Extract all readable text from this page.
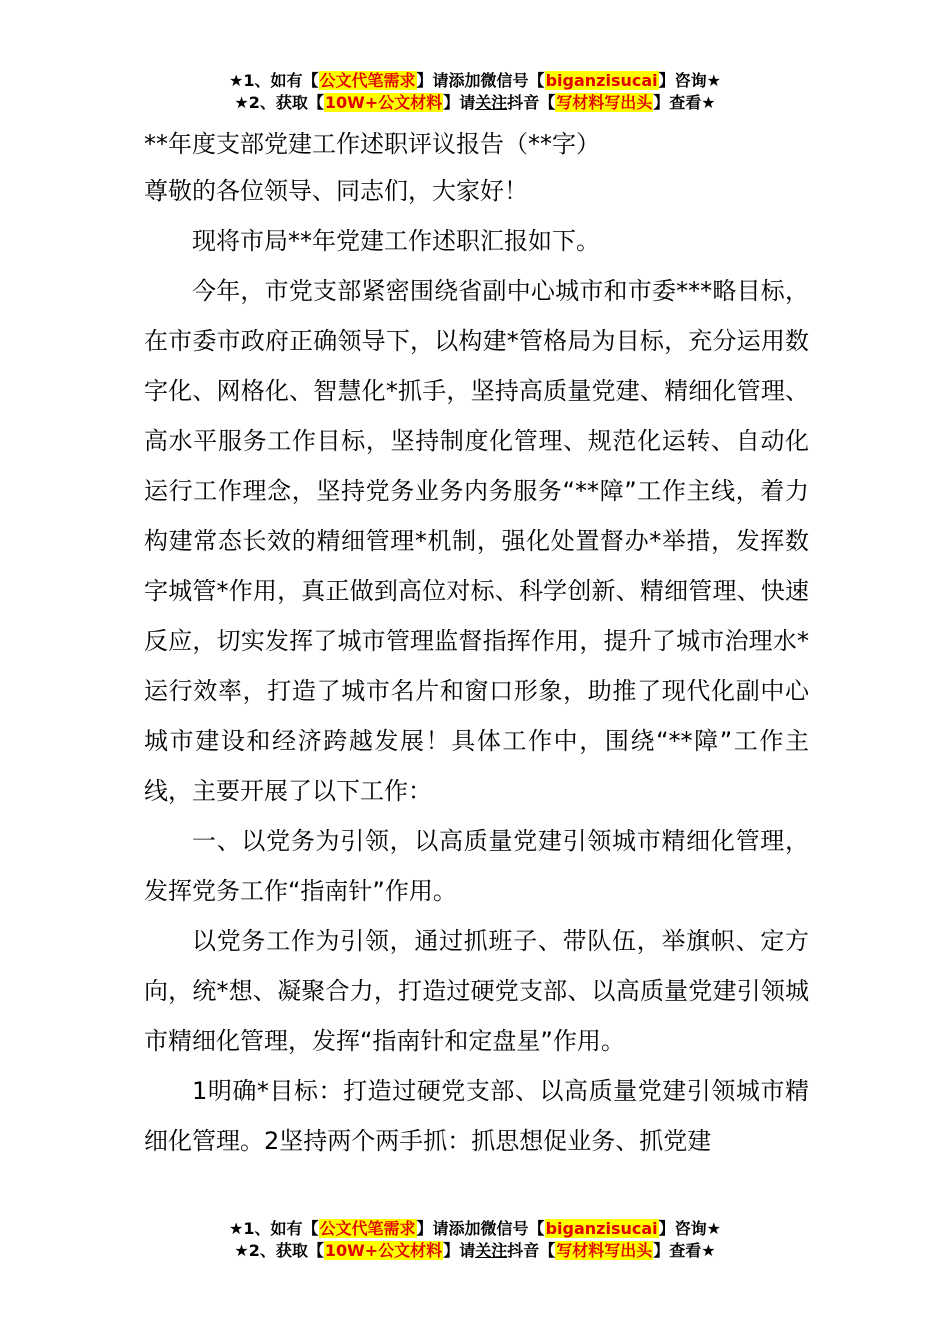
★1、如有【公文代笔需求】请添加微信号【biganzisucai】咨询★
★2、获取【10W+公文材料】请关注抖音【写材料写出头】查看★

**年度支部党建工作述职评议报告（**字）

尊敬的各位领导、同志们，大家好！

现将市局**年党建工作述职汇报如下。

今年，市党支部紧密围绕省副中心城市和市委***略目标，在市委市政府正确领导下，以构建*管格局为目标，充分运用数字化、网格化、智慧化*抓手，坚持高质量党建、精细化管理、高水平服务工作目标，坚持制度化管理、规范化运转、自动化运行工作理念，坚持党务业务内务服务“**障”工作主线，着力构建常态长效的精细管理*机制，强化处置督办*举措，发挥数字城管*作用，真正做到高位对标、科学创新、精细管理、快速反应，切实发挥了城市管理监督指挥作用，提升了城市治理水*运行效率，打造了城市名片和窗口形象，助推了现代化副中心城市建设和经济跨越发展！具体工作中，围绕“**障”工作主线，主要开展了以下工作：

一、以党务为引领，以高质量党建引领城市精细化管理，发挥党务工作“指南针”作用。

以党务工作为引领，通过抓班子、带队伍，举旗帜、定方向，统*想、凝聚合力，打造过硬党支部、以高质量党建引领城市精细化管理，发挥“指南针和定盘星”作用。

1明确*目标：打造过硬党支部、以高质量党建引领城市精细化管理。2坚持两个两手抓：抓思想促业务、抓党建

★1、如有【公文代笔需求】请添加微信号【biganzisucai】咨询★
★2、获取【10W+公文材料】请关注抖音【写材料写出头】查看★
